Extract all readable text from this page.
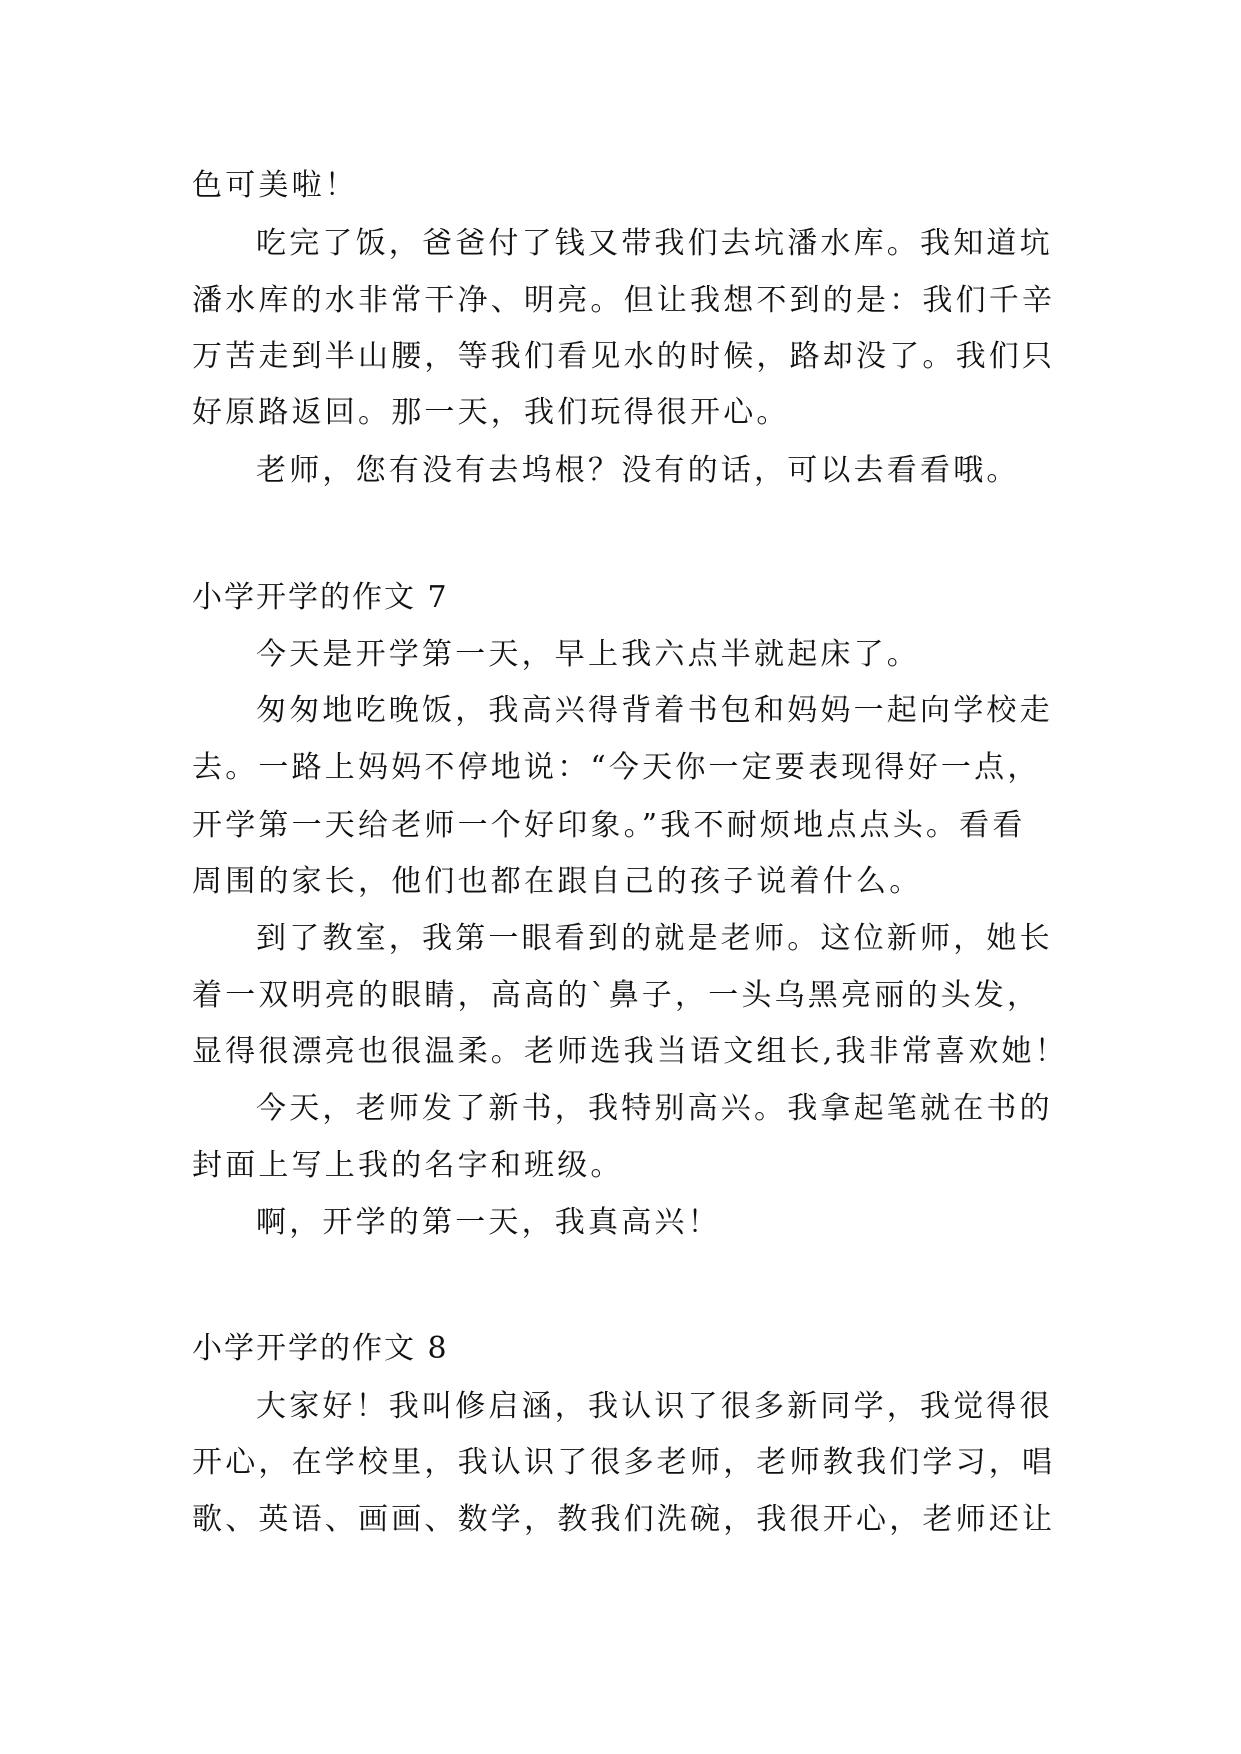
色可美啦！
吃完了饭，爸爸付了钱又带我们去坑潘水库。我知道坑
潘水库的水非常干净、明亮。但让我想不到的是：我们千辛
万苦走到半山腰，等我们看见水的时候，路却没了。我们只
好原路返回。那一天，我们玩得很开心。
老师，您有没有去坞根？没有的话，可以去看看哦。
小学开学的作文 7
今天是开学第一天，早上我六点半就起床了。
匆匆地吃晚饭，我高兴得背着书包和妈妈一起向学校走
去。一路上妈妈不停地说：“今天你一定要表现得好一点，
开学第一天给老师一个好印象。”我不耐烦地点点头。看看
周围的家长，他们也都在跟自己的孩子说着什么。
到了教室，我第一眼看到的就是老师。这位新师，她长
着一双明亮的眼睛，高高的`鼻子，一头乌黑亮丽的头发，
显得很漂亮也很温柔。老师选我当语文组长,我非常喜欢她！
今天，老师发了新书，我特别高兴。我拿起笔就在书的
封面上写上我的名字和班级。
啊，开学的第一天，我真高兴！
小学开学的作文 8
大家好！我叫修启涵，我认识了很多新同学，我觉得很
开心，在学校里，我认识了很多老师，老师教我们学习，唱
歌、英语、画画、数学，教我们洗碗，我很开心，老师还让
